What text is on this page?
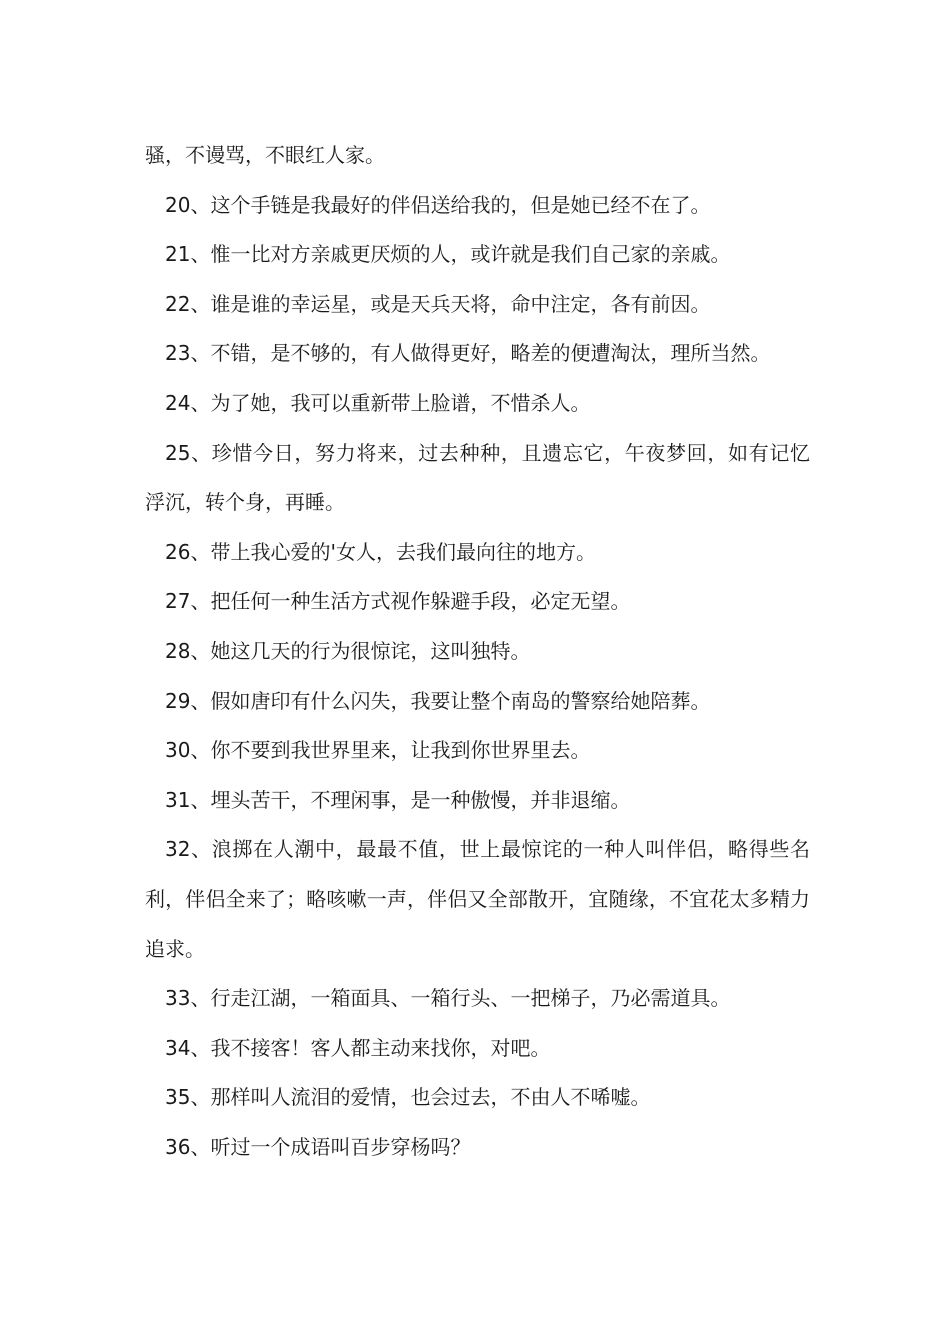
骚，不谩骂，不眼红人家。

20、这个手链是我最好的伴侣送给我的，但是她已经不在了。

21、惟一比对方亲戚更厌烦的人，或许就是我们自己家的亲戚。

22、谁是谁的幸运星，或是天兵天将，命中注定，各有前因。

23、不错，是不够的，有人做得更好，略差的便遭淘汰，理所当然。

24、为了她，我可以重新带上脸谱，不惜杀人。

25、珍惜今日，努力将来，过去种种，且遗忘它，午夜梦回，如有记忆浮沉，转个身，再睡。

26、带上我心爱的'女人，去我们最向往的地方。

27、把任何一种生活方式视作躲避手段，必定无望。

28、她这几天的行为很惊诧，这叫独特。

29、假如唐印有什么闪失，我要让整个南岛的警察给她陪葬。

30、你不要到我世界里来，让我到你世界里去。

31、埋头苦干，不理闲事，是一种傲慢，并非退缩。

32、浪掷在人潮中，最最不值，世上最惊诧的一种人叫伴侣，略得些名利，伴侣全来了；略咳嗽一声，伴侣又全部散开，宜随缘，不宜花太多精力追求。

33、行走江湖，一箱面具、一箱行头、一把梯子，乃必需道具。

34、我不接客！客人都主动来找你，对吧。

35、那样叫人流泪的爱情，也会过去，不由人不唏嘘。

36、听过一个成语叫百步穿杨吗？
